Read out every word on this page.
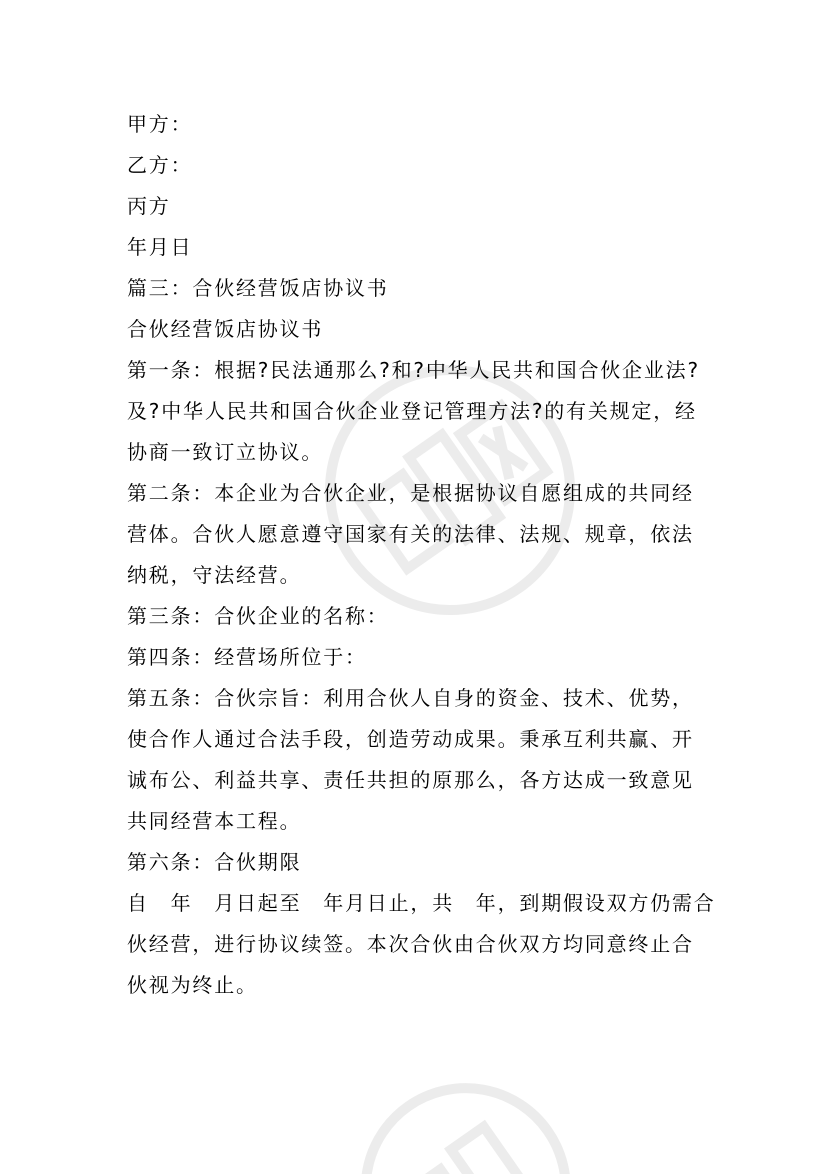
甲方：
乙方：
丙方
年月日
篇三：合伙经营饭店协议书
合伙经营饭店协议书
第一条：根据?民法通那么?和?中华人民共和国合伙企业法?
及?中华人民共和国合伙企业登记管理方法?的有关规定，经
协商一致订立协议。
第二条：本企业为合伙企业，是根据协议自愿组成的共同经
营体。合伙人愿意遵守国家有关的法律、法规、规章，依法
纳税，守法经营。
第三条：合伙企业的名称：
第四条：经营场所位于：
第五条：合伙宗旨：利用合伙人自身的资金、技术、优势，
使合作人通过合法手段，创造劳动成果。秉承互利共赢、开
诚布公、利益共享、责任共担的原那么，各方达成一致意见
共同经营本工程。
第六条：合伙期限
自　年　月日起至　年月日止，共　年，到期假设双方仍需合
伙经营，进行协议续签。本次合伙由合伙双方均同意终止合
伙视为终止。
